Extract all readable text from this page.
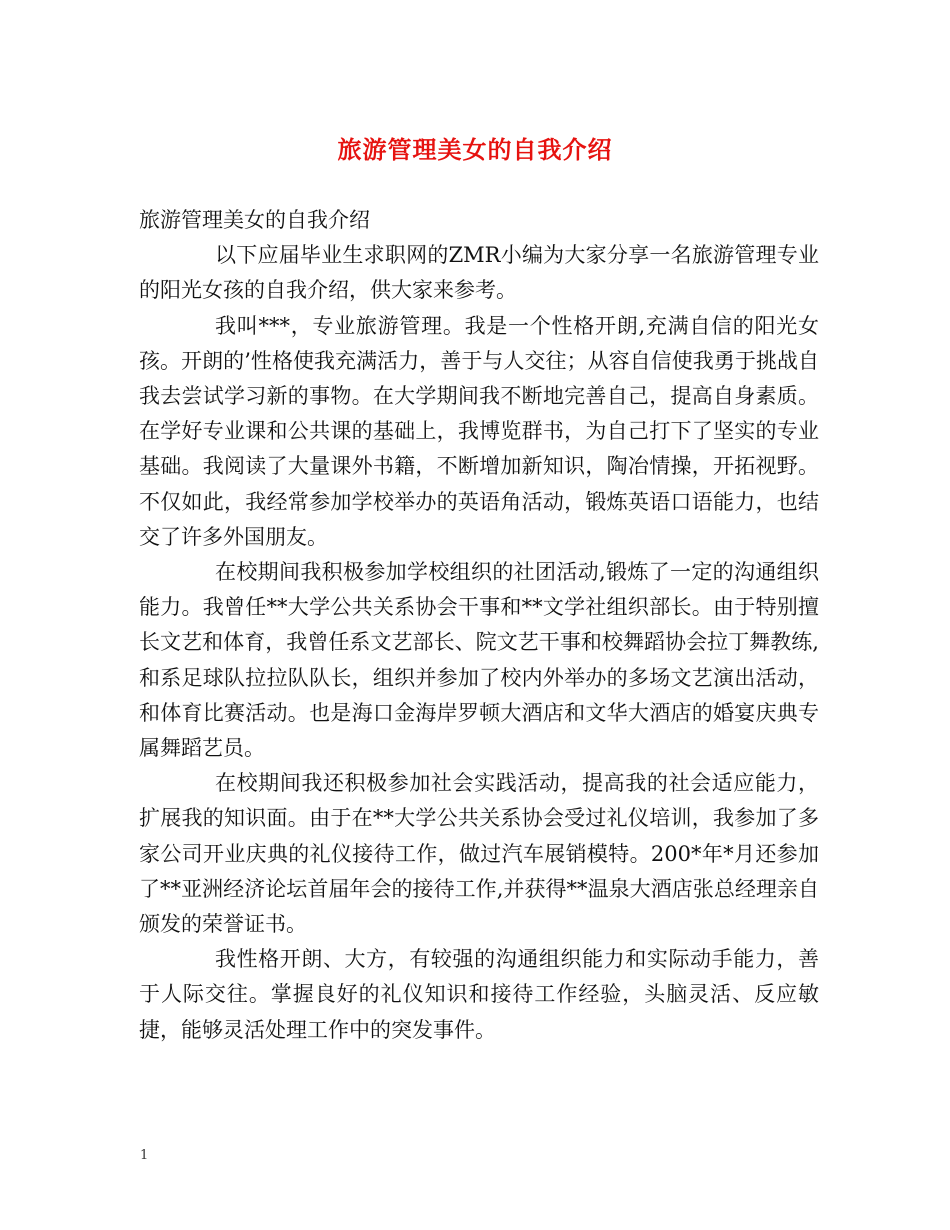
旅游管理美女的自我介绍

旅游管理美女的自我介绍

以下应届毕业生求职网的ZMR小编为大家分享一名旅游管理专业的阳光女孩的自我介绍，供大家来参考。

我叫***，专业旅游管理。我是一个性格开朗,充满自信的阳光女孩。开朗的’性格使我充满活力，善于与人交往；从容自信使我勇于挑战自我去尝试学习新的事物。在大学期间我不断地完善自己，提高自身素质。在学好专业课和公共课的基础上，我博览群书，为自己打下了坚实的专业基础。我阅读了大量课外书籍，不断增加新知识，陶冶情操，开拓视野。不仅如此，我经常参加学校举办的英语角活动，锻炼英语口语能力，也结交了许多外国朋友。

在校期间我积极参加学校组织的社团活动,锻炼了一定的沟通组织能力。我曾任**大学公共关系协会干事和**文学社组织部长。由于特别擅长文艺和体育，我曾任系文艺部长、院文艺干事和校舞蹈协会拉丁舞教练,和系足球队拉拉队队长，组织并参加了校内外举办的多场文艺演出活动，和体育比赛活动。也是海口金海岸罗顿大酒店和文华大酒店的婚宴庆典专属舞蹈艺员。

在校期间我还积极参加社会实践活动，提高我的社会适应能力，扩展我的知识面。由于在**大学公共关系协会受过礼仪培训，我参加了多家公司开业庆典的礼仪接待工作，做过汽车展销模特。200*年*月还参加了**亚洲经济论坛首届年会的接待工作,并获得**温泉大酒店张总经理亲自颁发的荣誉证书。

我性格开朗、大方，有较强的沟通组织能力和实际动手能力，善于人际交往。掌握良好的礼仪知识和接待工作经验，头脑灵活、反应敏捷，能够灵活处理工作中的突发事件。

1
